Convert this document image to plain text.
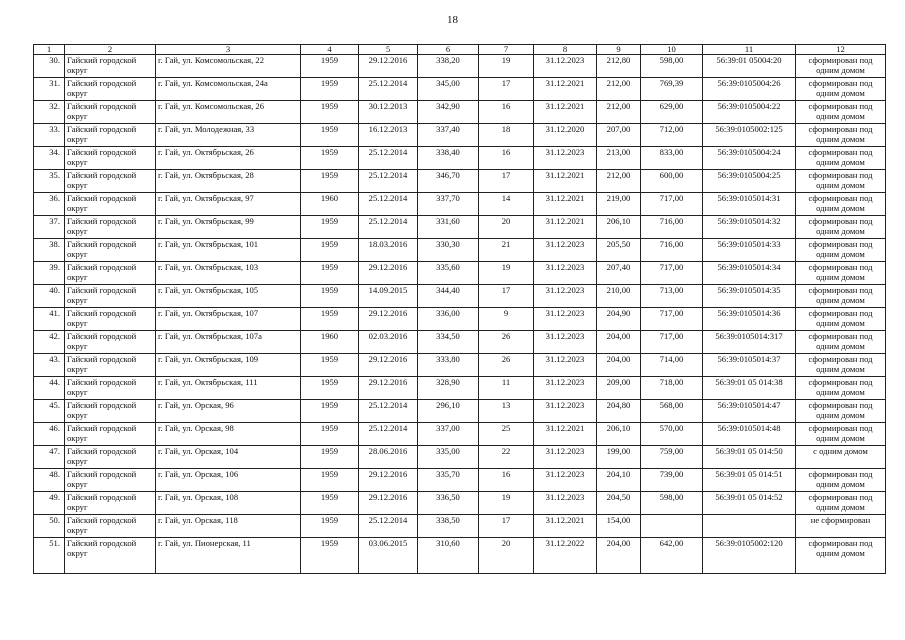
18
1	2	3	4	5	6	7	8	9	10	11	12
30.	Гайский городской округ	г. Гай, ул. Комсомольская, 22	1959	29.12.2016	338,20	19	31.12.2023	212,80	598,00	56:39:01 05004:20	сформирован под одним домом
31.	Гайский городской округ	г. Гай, ул. Комсомольская, 24а	1959	25.12.2014	345,00	17	31.12.2021	212,00	769,39	56:39:0105004:26	сформирован под одним домом
32.	Гайский городской округ	г. Гай, ул. Комсомольская, 26	1959	30.12.2013	342,90	16	31.12.2021	212,00	629,00	56:39:0105004:22	сформирован под одним домом
33.	Гайский городской округ	г. Гай, ул. Молодежная, 33	1959	16.12.2013	337,40	18	31.12.2020	207,00	712,00	56:39:0105002:125	сформирован под одним домом
34.	Гайский городской округ	г. Гай, ул. Октябрьская, 26	1959	25.12.2014	338,40	16	31.12.2023	213,00	833,00	56:39:0105004:24	сформирован под одним домом
35.	Гайский городской округ	г. Гай, ул. Октябрьская, 28	1959	25.12.2014	346,70	17	31.12.2021	212,00	600,00	56:39:0105004:25	сформирован под одним домом
36.	Гайский городской округ	г. Гай, ул. Октябрьская, 97	1960	25.12.2014	337,70	14	31.12.2021	219,00	717,00	56:39:0105014:31	сформирован под одним домом
37.	Гайский городской округ	г. Гай, ул. Октябрьская, 99	1959	25.12.2014	331,60	20	31.12.2021	206,10	716,00	56:39:0105014:32	сформирован под одним домом
38.	Гайский городской округ	г. Гай, ул. Октябрьская, 101	1959	18.03.2016	330,30	21	31.12.2023	205,50	716,00	56:39:0105014:33	сформирован под одним домом
39.	Гайский городской округ	г. Гай, ул. Октябрьская, 103	1959	29.12.2016	335,60	19	31.12.2023	207,40	717,00	56:39:0105014:34	сформирован под одним домом
40.	Гайский городской округ	г. Гай, ул. Октябрьская, 105	1959	14.09.2015	344,40	17	31.12.2023	210,00	713,00	56:39:0105014:35	сформирован под одним домом
41.	Гайский городской округ	г. Гай, ул. Октябрьская, 107	1959	29.12.2016	336,00	9	31.12.2023	204,90	717,00	56:39:0105014:36	сформирован под одним домом
42.	Гайский городской округ	г. Гай, ул. Октябрьская, 107а	1960	02.03.2016	334,50	26	31.12.2023	204,00	717,00	56:39:0105014:317	сформирован под одним домом
43.	Гайский городской округ	г. Гай, ул. Октябрьская, 109	1959	29.12.2016	333,80	26	31.12.2023	204,00	714,00	56:39:0105014:37	сформирован под одним домом
44.	Гайский городской округ	г. Гай, ул. Октябрьская, 111	1959	29.12.2016	328,90	11	31.12.2023	209,00	718,00	56:39:01 05 014:38	сформирован под одним домом
45.	Гайский городской округ	г. Гай, ул. Орская, 96	1959	25.12.2014	296,10	13	31.12.2023	204,80	568,00	56:39:0105014:47	сформирован под одним домом
46.	Гайский городской округ	г. Гай, ул. Орская, 98	1959	25.12.2014	337,00	25	31.12.2021	206,10	570,00	56:39:0105014:48	сформирован под одним домом
47.	Гайский городской округ	г. Гай, ул. Орская, 104	1959	28.06.2016	335,00	22	31.12.2023	199,00	759,00	56:39:01 05 014:50	с одним домом
48.	Гайский городской округ	г. Гай, ул. Орская, 106	1959	29.12.2016	335,70	16	31.12.2023	204,10	739,00	56:39:01 05 014:51	сформирован под одним домом
49.	Гайский городской округ	г. Гай, ул. Орская, 108	1959	29.12.2016	336,50	19	31.12.2023	204,50	598,00	56:39:01 05 014:52	сформирован под одним домом
50.	Гайский городской округ	г. Гай, ул. Орская, 118	1959	25.12.2014	338,50	17	31.12.2021	154,00			не сформирован
51.	Гайский городской округ	г. Гай, ул. Пионерская, 11	1959	03.06.2015	310,60	20	31.12.2022	204,00	642,00	56:39:0105002:120	сформирован под одним домом
